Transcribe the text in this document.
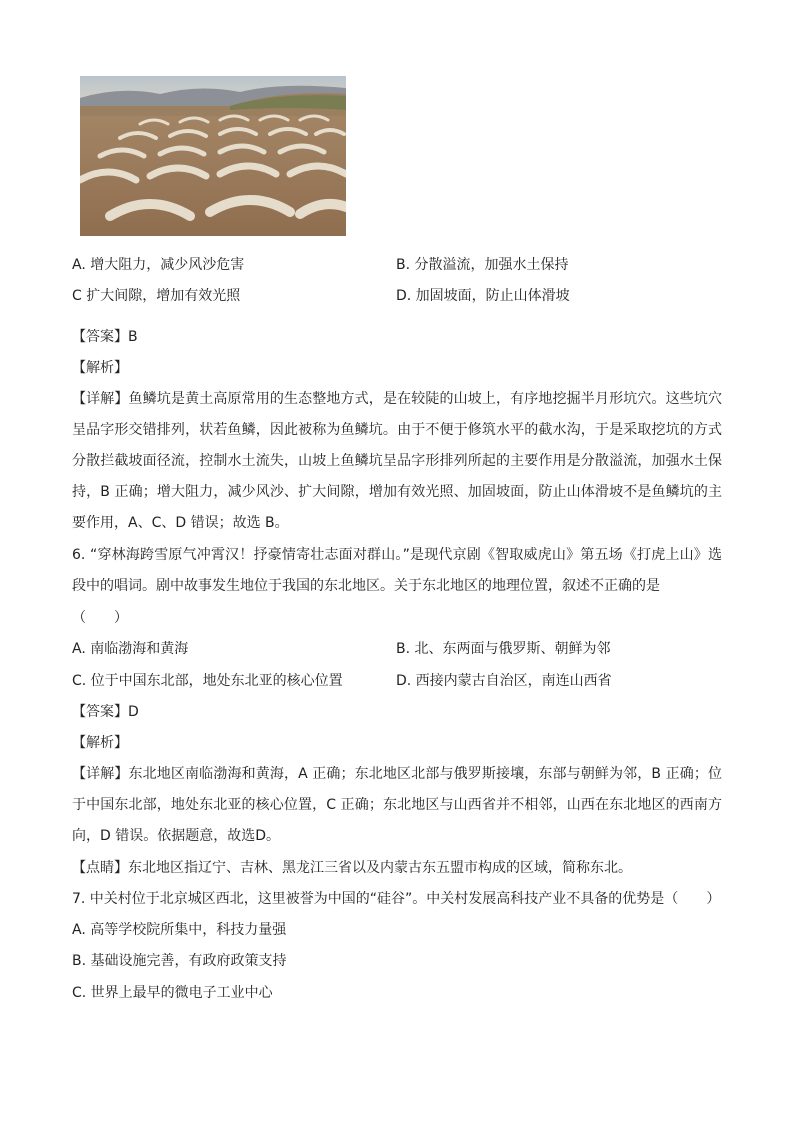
A. 增大阻力，减少风沙危害	B. 分散溢流，加强水土保持
C 扩大间隙，增加有效光照	D. 加固坡面，防止山体滑坡
【答案】B
【解析】
【详解】鱼鳞坑是黄土高原常用的生态整地方式，是在较陡的山坡上，有序地挖掘半月形坑穴。这些坑穴呈品字形交错排列，状若鱼鳞，因此被称为鱼鳞坑。由于不便于修筑水平的截水沟，于是采取挖坑的方式分散拦截坡面径流，控制水土流失，山坡上鱼鳞坑呈品字形排列所起的主要作用是分散溢流，加强水土保持，B 正确；增大阻力，减少风沙、扩大间隙，增加有效光照、加固坡面，防止山体滑坡不是鱼鳞坑的主要作用，A、C、D 错误；故选 B。
6. “穿林海跨雪原气冲霄汉！抒豪情寄壮志面对群山。”是现代京剧《智取威虎山》第五场《打虎上山》选段中的唱词。剧中故事发生地位于我国的东北地区。关于东北地区的地理位置，叙述不正确的是
（ ）
A. 南临渤海和黄海	B. 北、东两面与俄罗斯、朝鲜为邻
C. 位于中国东北部，地处东北亚的核心位置	D. 西接内蒙古自治区，南连山西省
【答案】D
【解析】
【详解】东北地区南临渤海和黄海，A 正确；东北地区北部与俄罗斯接壤，东部与朝鲜为邻，B 正确；位于中国东北部，地处东北亚的核心位置，C 正确；东北地区与山西省并不相邻，山西在东北地区的西南方向，D 错误。依据题意，故选D。
【点睛】东北地区指辽宁、吉林、黑龙江三省以及内蒙古东五盟市构成的区域，简称东北。
7. 中关村位于北京城区西北，这里被誉为中国的“硅谷”。中关村发展高科技产业不具备的优势是（ ）
A. 高等学校院所集中，科技力量强
B. 基础设施完善，有政府政策支持
C. 世界上最早的微电子工业中心
